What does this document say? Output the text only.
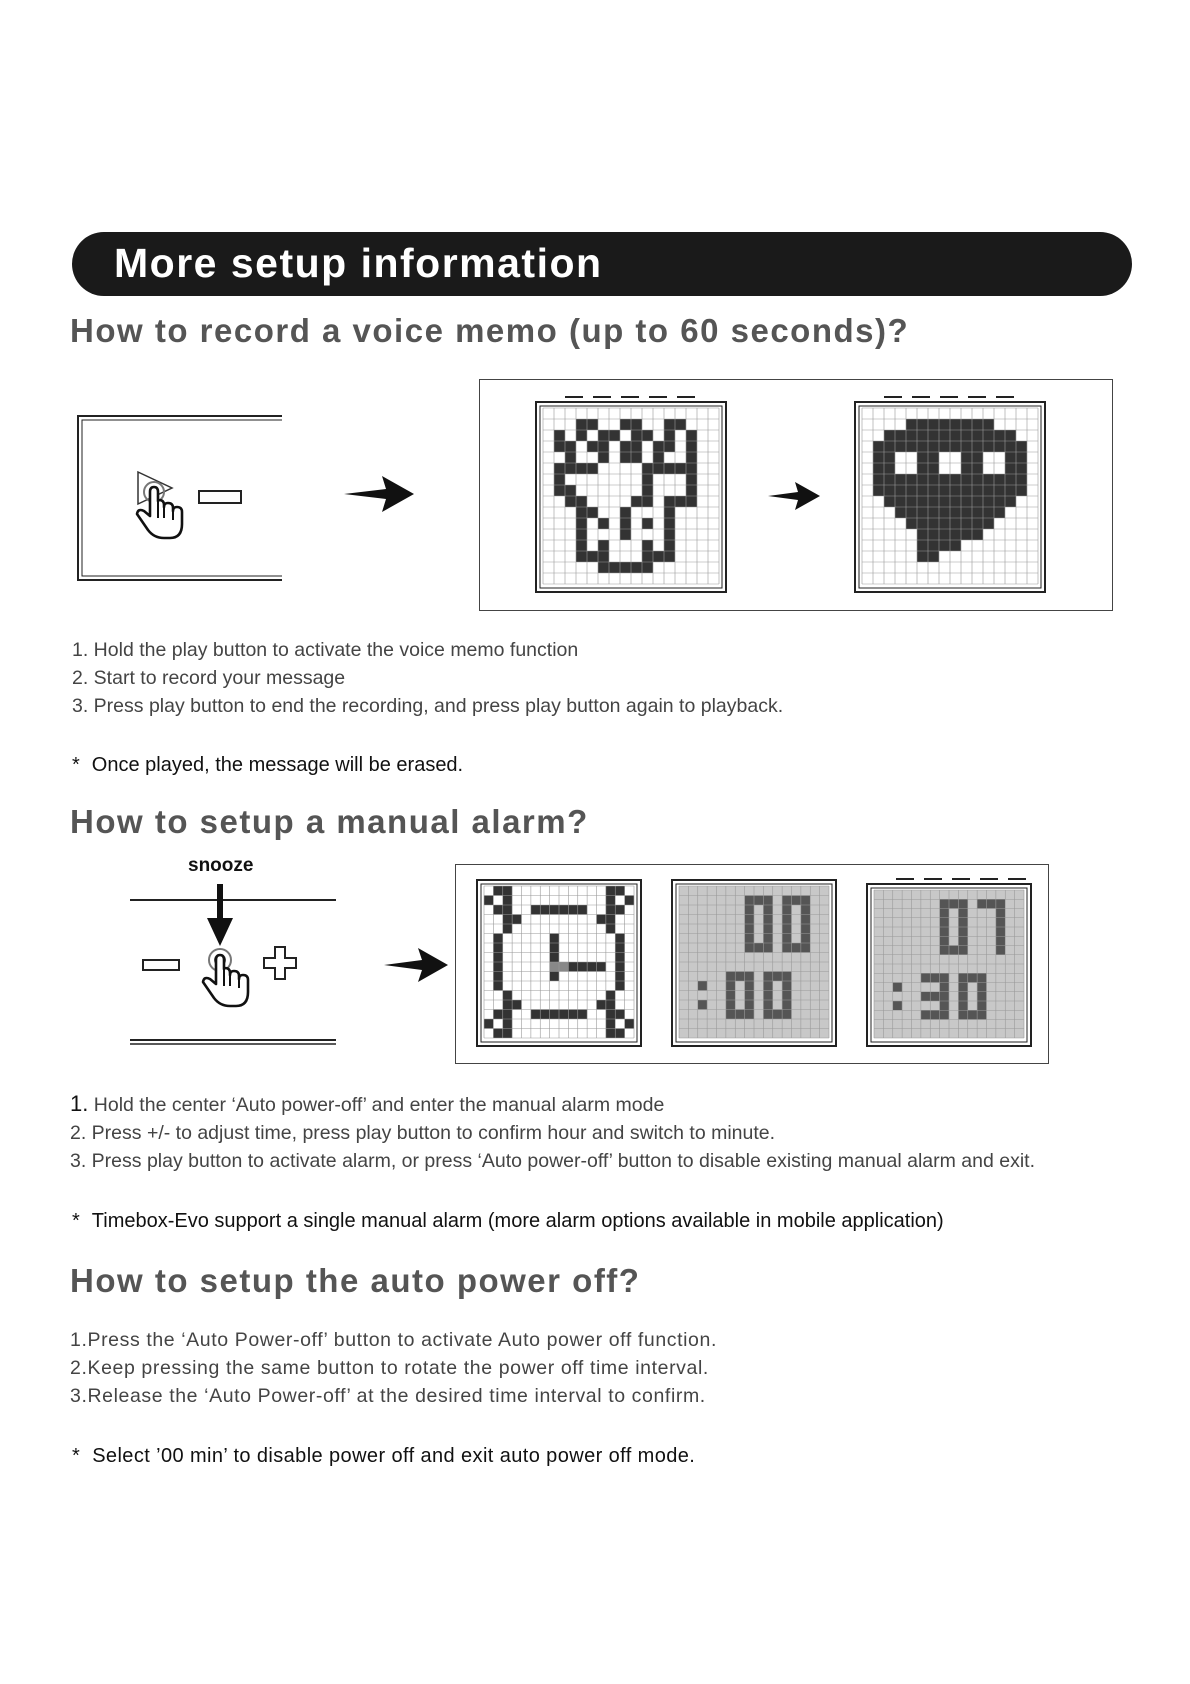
More setup information
How to record a voice memo (up to 60 seconds)?
1. Hold the play button to activate the voice memo function
2. Start to record your message
3. Press play button to end the recording, and press play button again to playback.
* Once played, the message will be erased.
How to setup a manual alarm?
snooze
1. Hold the center ‘Auto power-off’ and enter the manual alarm mode
2. Press +/- to adjust time, press play button to confirm hour and switch to minute.
3. Press play button to activate alarm, or press ‘Auto power-off’ button to disable existing manual alarm and exit.
* Timebox-Evo support a single manual alarm (more alarm options available in mobile application)
How to setup the auto power off?
1.Press the ‘Auto Power-off’ button to activate Auto power off function.
2.Keep pressing the same button to rotate the power off time interval.
3.Release the ‘Auto Power-off’ at the desired time interval to confirm.
* Select ’00 min’ to disable power off and exit auto power off mode.
